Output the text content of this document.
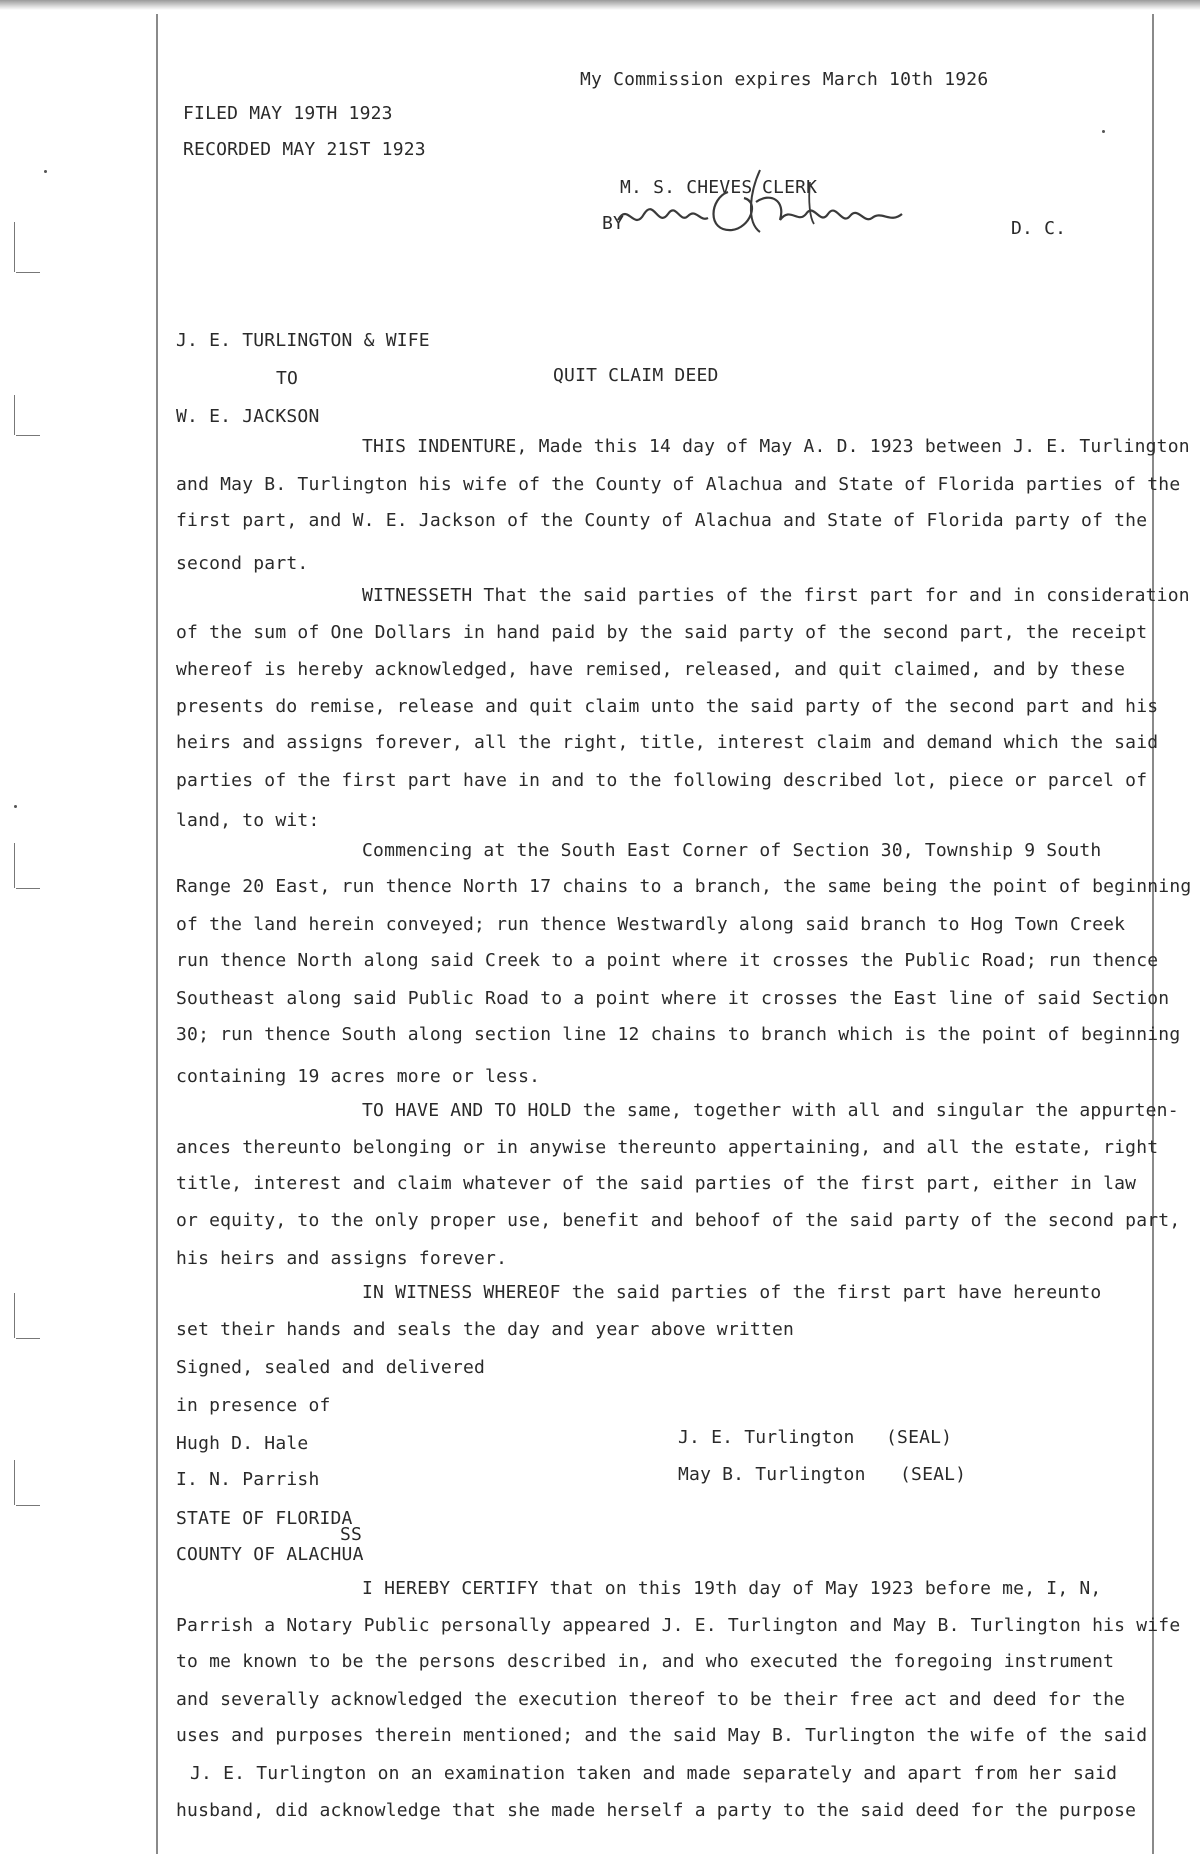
My Commission expires March 10th 1926
FILED MAY 19TH 1923
RECORDED MAY 21ST 1923
M. S. CHEVES CLERK
BY	D. C.
J. E. TURLINGTON & WIFE
TO	QUIT CLAIM DEED
W. E. JACKSON
THIS INDENTURE, Made this 14 day of May A. D. 1923 between J. E. Turlington
and May B. Turlington his wife of the County of Alachua and State of Florida parties of the
first part, and W. E. Jackson of the County of Alachua and State of Florida party of the
second part.
WITNESSETH That the said parties of the first part for and in consideration
of the sum of One Dollars in hand paid by the said party of the second part, the receipt
whereof is hereby acknowledged, have remised, released, and quit claimed, and by these
presents do remise, release and quit claim unto the said party of the second part and his
heirs and assigns forever, all the right, title, interest claim and demand which the said
parties of the first part have in and to the following described lot, piece or parcel of
land, to wit:
Commencing at the South East Corner of Section 30, Township 9 South
Range 20 East, run thence North 17 chains to a branch, the same being the point of beginning
of the land herein conveyed; run thence Westwardly along said branch to Hog Town Creek
run thence North along said Creek to a point where it crosses the Public Road; run thence
Southeast along said Public Road to a point where it crosses the East line of said Section
30; run thence South along section line 12 chains to branch which is the point of beginning
containing 19 acres more or less.
TO HAVE AND TO HOLD the same, together with all and singular the appurten-
ances thereunto belonging or in anywise thereunto appertaining, and all the estate, right
title, interest and claim whatever of the said parties of the first part, either in law
or equity, to the only proper use, benefit and behoof of the said party of the second part,
his heirs and assigns forever.
IN WITNESS WHEREOF the said parties of the first part have hereunto
set their hands and seals the day and year above written
Signed, sealed and delivered
in presence of
Hugh D. Hale
I. N. Parrish
J. E. Turlington (SEAL)
May B. Turlington (SEAL)
STATE OF FLORIDA
SS
COUNTY OF ALACHUA
I HEREBY CERTIFY that on this 19th day of May 1923 before me, I, N,
Parrish a Notary Public personally appeared J. E. Turlington and May B. Turlington his wife
to me known to be the persons described in, and who executed the foregoing instrument
and severally acknowledged the execution thereof to be their free act and deed for the
uses and purposes therein mentioned; and the said May B. Turlington the wife of the said
J. E. Turlington on an examination taken and made separately and apart from her said
husband, did acknowledge that she made herself a party to the said deed for the purpose
